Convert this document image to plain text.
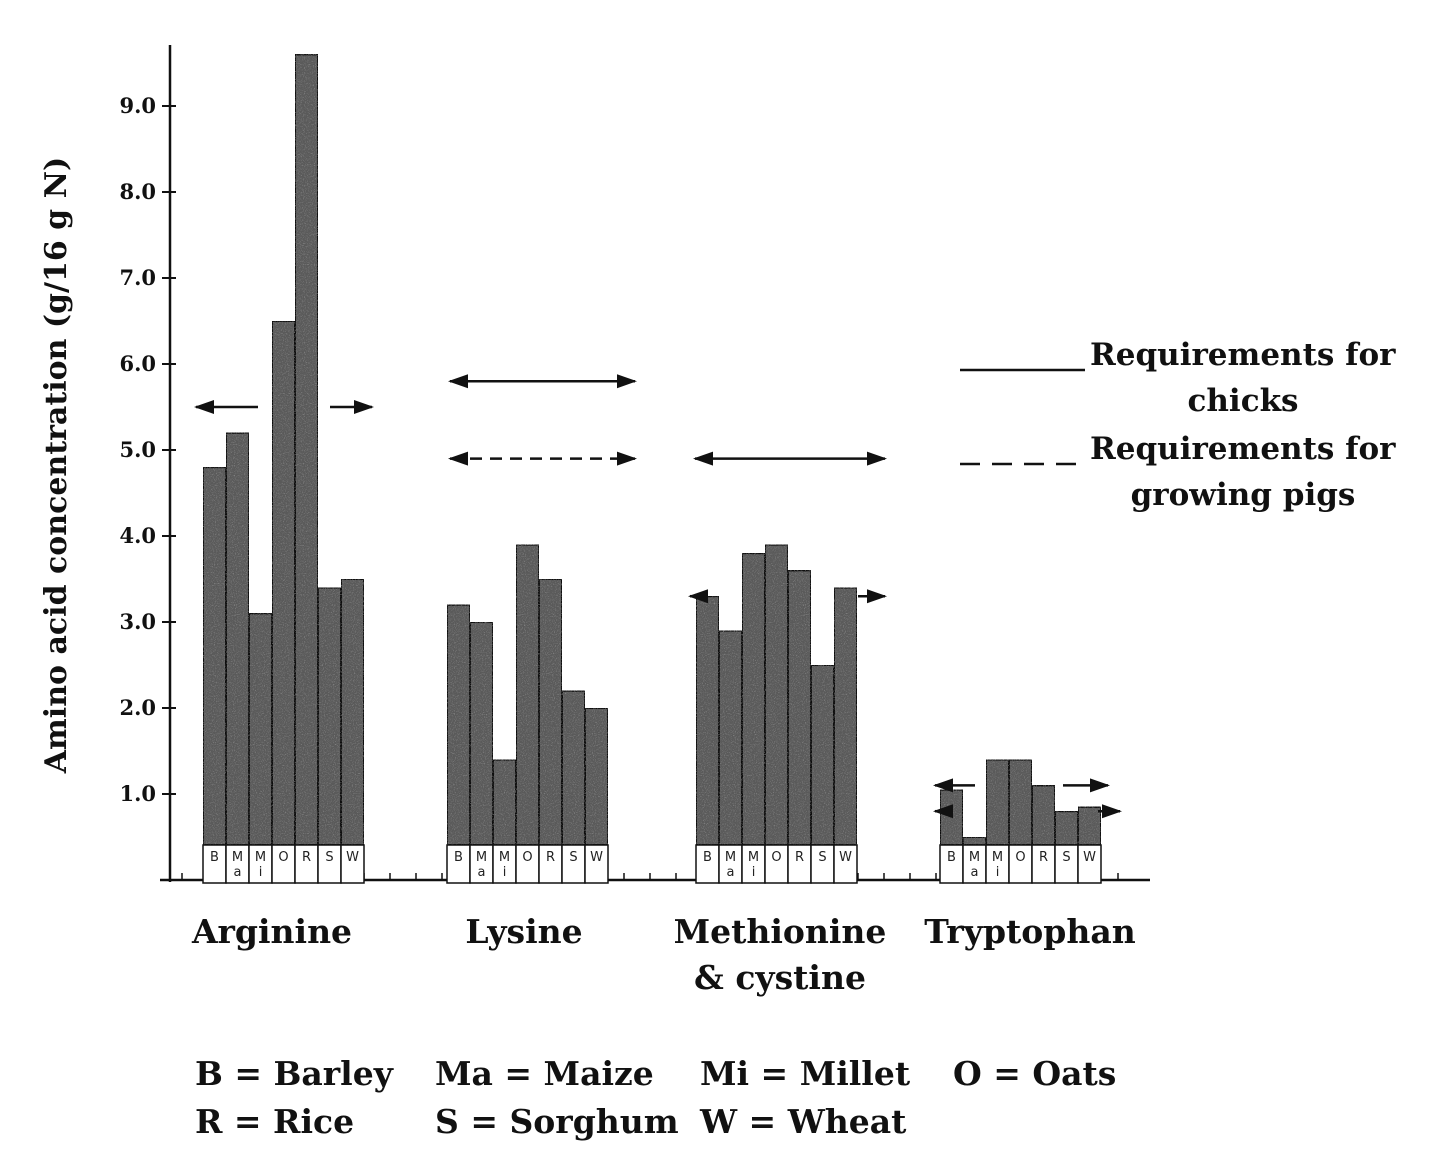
1.0
2.0
3.0
4.0
5.0
6.0
7.0
8.0
9.0
Amino acid concentration (g/16 g N)
B M
a
M
i
O R S W	B M
a
M
i
O R S W	B M
a
M
i
O R S W	B M
a
M
i
O R S W
Arginine	Lysine	Methionine
& cystine
Tryptophan
Requirements for
chicks
Requirements for
growing pigs
B = Barley Ma = Maize Mi = Millet O = Oats
R = Rice S = Sorghum W = Wheat
